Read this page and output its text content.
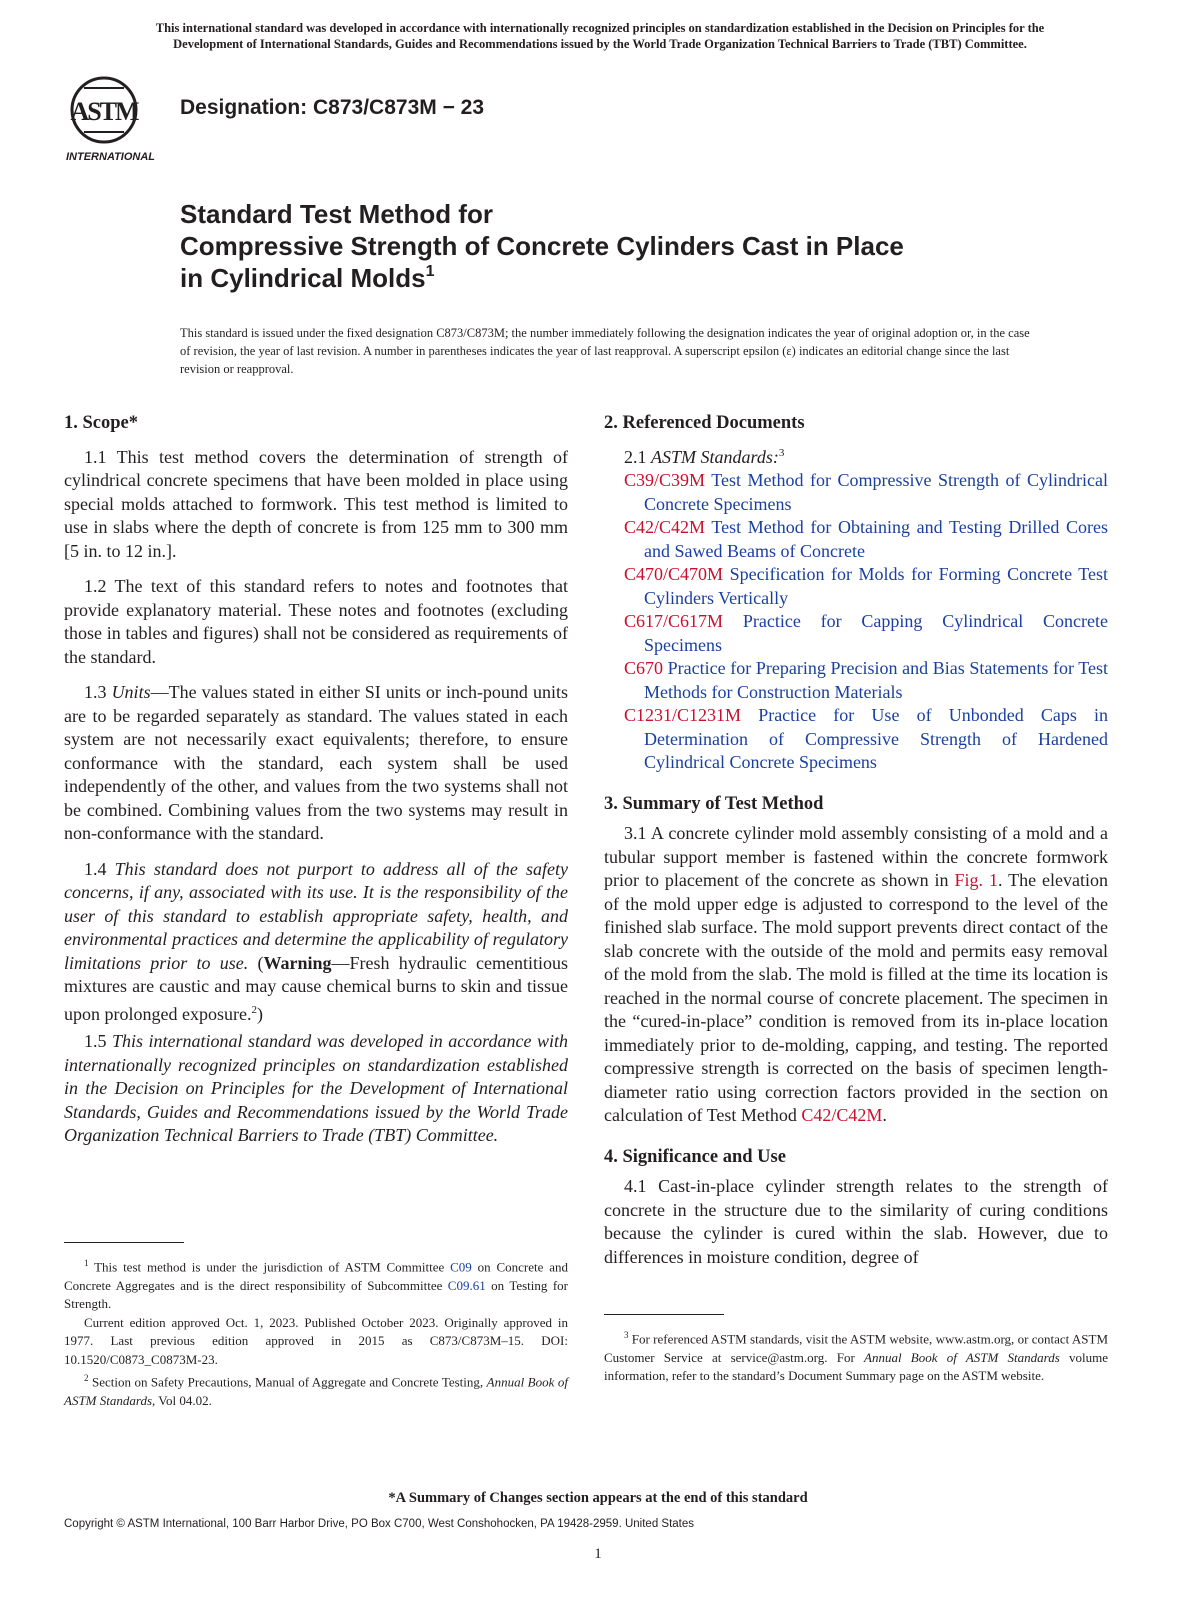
This international standard was developed in accordance with internationally recognized principles on standardization established in the Decision on Principles for the
Development of International Standards, Guides and Recommendations issued by the World Trade Organization Technical Barriers to Trade (TBT) Committee.
ASTM
INTERNATIONAL
Designation: C873/C873M − 23
Standard Test Method for
Compressive Strength of Concrete Cylinders Cast in Place
in Cylindrical Molds$^1$
This standard is issued under the fixed designation C873/C873M; the number immediately following the designation indicates the year of original adoption or, in the case of revision, the year of last revision. A number in parentheses indicates the year of last reapproval. A superscript epsilon (ε) indicates an editorial change since the last revision or reapproval.
1. Scope*

1.1 This test method covers the determination of strength of cylindrical concrete specimens that have been molded in place using special molds attached to formwork. This test method is limited to use in slabs where the depth of concrete is from 125 mm to 300 mm [5 in. to 12 in.].

1.2 The text of this standard refers to notes and footnotes that provide explanatory material. These notes and footnotes (excluding those in tables and figures) shall not be considered as requirements of the standard.

1.3 Units—The values stated in either SI units or inch-pound units are to be regarded separately as standard. The values stated in each system are not necessarily exact equivalents; therefore, to ensure conformance with the standard, each system shall be used independently of the other, and values from the two systems shall not be combined. Combining values from the two systems may result in non-conformance with the standard.

1.4 This standard does not purport to address all of the safety concerns, if any, associated with its use. It is the responsibility of the user of this standard to establish appropriate safety, health, and environmental practices and determine the applicability of regulatory limitations prior to use. (Warning—Fresh hydraulic cementitious mixtures are caustic and may cause chemical burns to skin and tissue upon prolonged exposure.$^2$)

1.5 This international standard was developed in accordance with internationally recognized principles on standardization established in the Decision on Principles for the Development of International Standards, Guides and Recommendations issued by the World Trade Organization Technical Barriers to Trade (TBT) Committee.

$^1$ This test method is under the jurisdiction of ASTM Committee C09 on Concrete and Concrete Aggregates and is the direct responsibility of Subcommittee C09.61 on Testing for Strength.

Current edition approved Oct. 1, 2023. Published October 2023. Originally approved in 1977. Last previous edition approved in 2015 as C873/C873M–15. DOI: 10.1520/C0873_C0873M-23.

$^2$ Section on Safety Precautions, Manual of Aggregate and Concrete Testing, Annual Book of ASTM Standards, Vol 04.02.

2. Referenced Documents

2.1 ASTM Standards:$^3$

C39/C39M Test Method for Compressive Strength of Cylindrical Concrete Specimens

C42/C42M Test Method for Obtaining and Testing Drilled Cores and Sawed Beams of Concrete

C470/C470M Specification for Molds for Forming Concrete Test Cylinders Vertically

C617/C617M Practice for Capping Cylindrical Concrete Specimens

C670 Practice for Preparing Precision and Bias Statements for Test Methods for Construction Materials

C1231/C1231M Practice for Use of Unbonded Caps in Determination of Compressive Strength of Hardened Cylindrical Concrete Specimens

3. Summary of Test Method

3.1 A concrete cylinder mold assembly consisting of a mold and a tubular support member is fastened within the concrete formwork prior to placement of the concrete as shown in Fig. 1. The elevation of the mold upper edge is adjusted to correspond to the level of the finished slab surface. The mold support prevents direct contact of the slab concrete with the outside of the mold and permits easy removal of the mold from the slab. The mold is filled at the time its location is reached in the normal course of concrete placement. The specimen in the “cured-in-place” condition is removed from its in-place location immediately prior to de-molding, capping, and testing. The reported compressive strength is corrected on the basis of specimen length-diameter ratio using correction factors provided in the section on calculation of Test Method C42/C42M.

4. Significance and Use

4.1 Cast-in-place cylinder strength relates to the strength of concrete in the structure due to the similarity of curing conditions because the cylinder is cured within the slab. However, due to differences in moisture condition, degree of

$^3$ For referenced ASTM standards, visit the ASTM website, www.astm.org, or contact ASTM Customer Service at service@astm.org. For Annual Book of ASTM Standards volume information, refer to the standard’s Document Summary page on the ASTM website.

*A Summary of Changes section appears at the end of this standard
Copyright © ASTM International, 100 Barr Harbor Drive, PO Box C700, West Conshohocken, PA 19428-2959. United States
1
